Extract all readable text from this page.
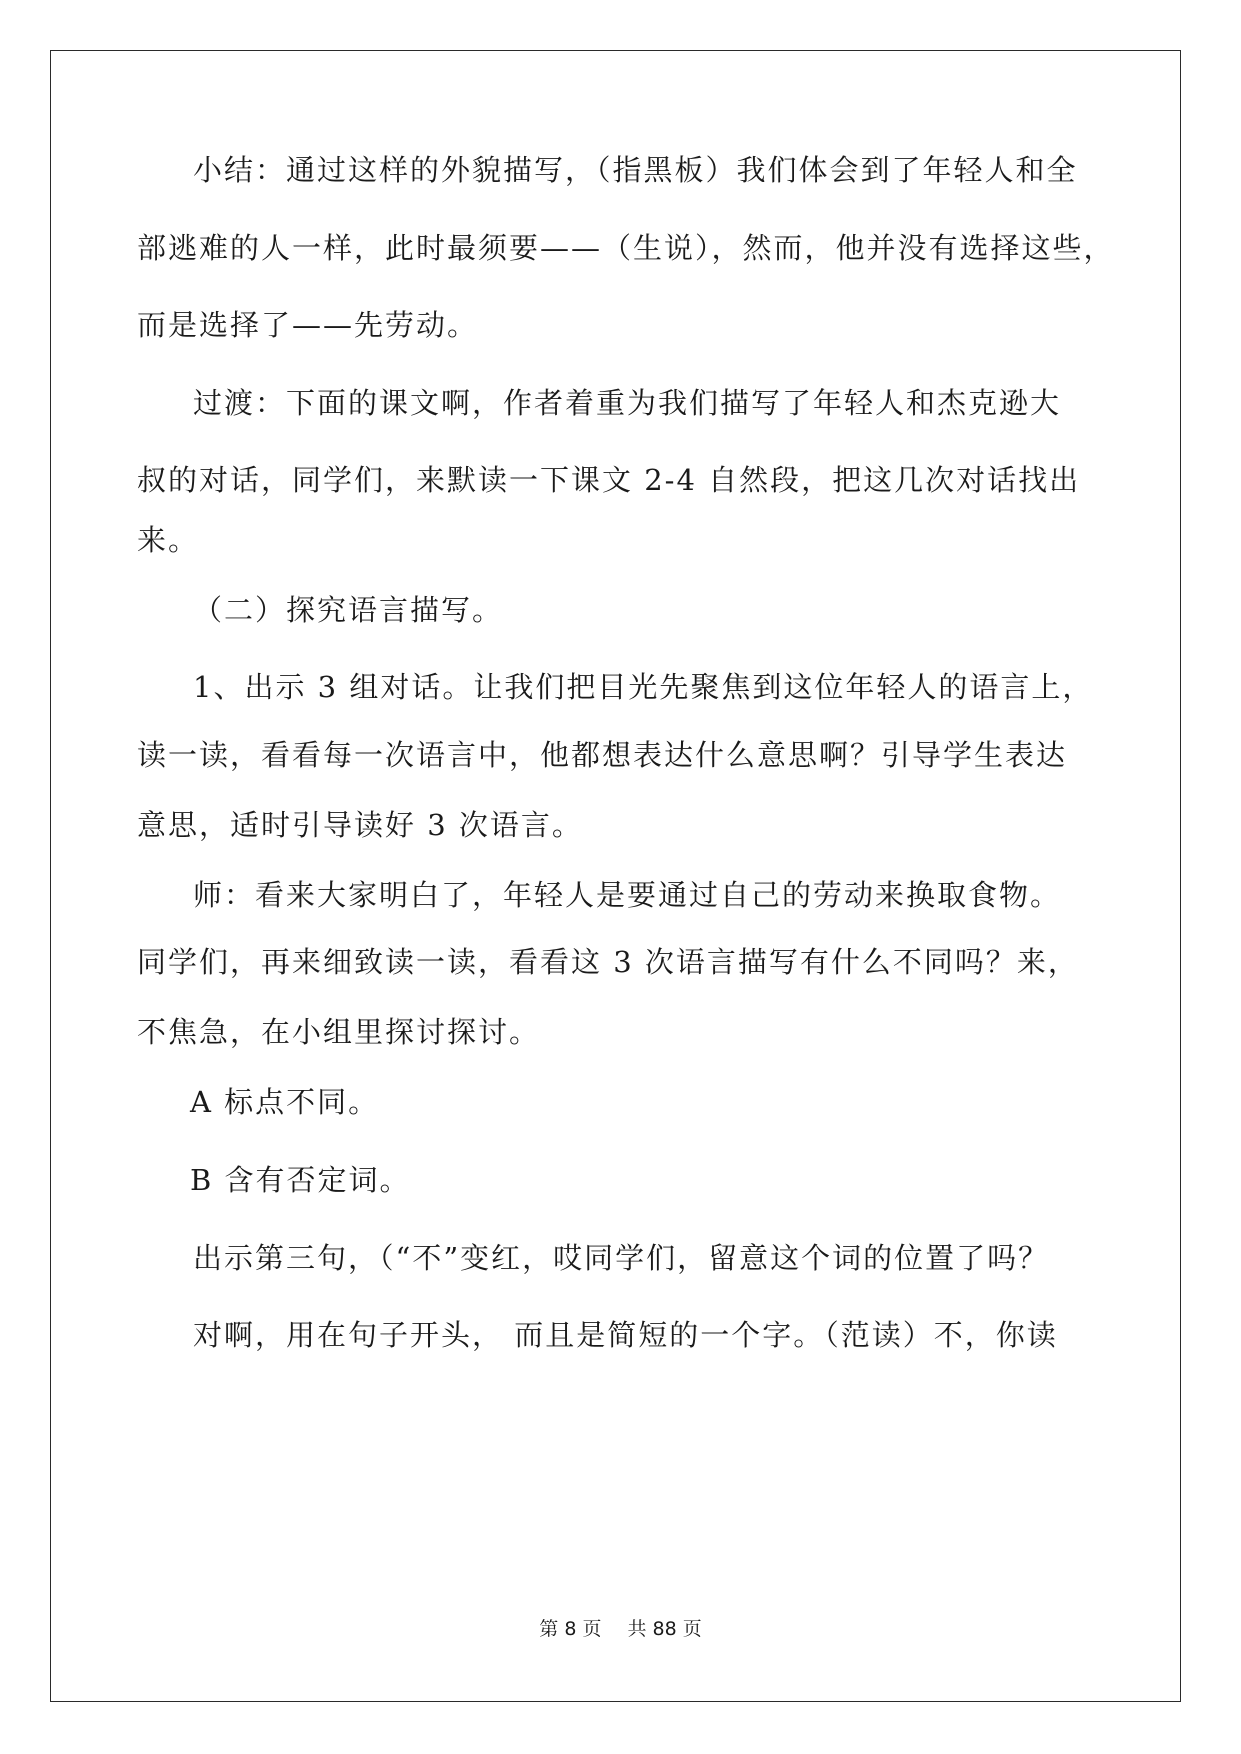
小结：通过这样的外貌描写，（指黑板）我们体会到了年轻人和全
部逃难的人一样，此时最须要——（生说），然而，他并没有选择这些，
而是选择了——先劳动。
过渡：下面的课文啊，作者着重为我们描写了年轻人和杰克逊大
叔的对话，同学们，来默读一下课文 2-4 自然段，把这几次对话找出
来。
（二）探究语言描写。
1、出示 3 组对话。让我们把目光先聚焦到这位年轻人的语言上，
读一读，看看每一次语言中，他都想表达什么意思啊？引导学生表达
意思，适时引导读好 3 次语言。
师：看来大家明白了，年轻人是要通过自己的劳动来换取食物。
同学们，再来细致读一读，看看这 3 次语言描写有什么不同吗？来，
不焦急，在小组里探讨探讨。
A 标点不同。
B 含有否定词。
出示第三句，（“不”变红，哎同学们，留意这个词的位置了吗？
对啊，用在句子开头， 而且是简短的一个字。（范读）不，你读
第 8 页 共 88 页
